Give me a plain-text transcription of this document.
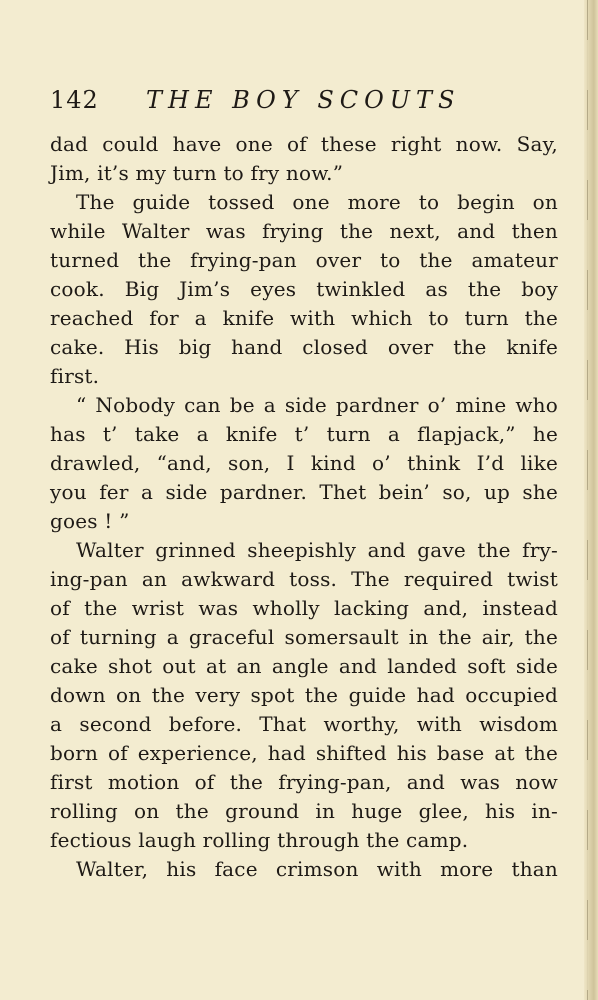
142 THE BOY SCOUTS
dad could have one of these right now. Say,
Jim, it’s my turn to fry now.”
The guide tossed one more to begin on
while Walter was frying the next, and then
turned the frying-pan over to the amateur
cook. Big Jim’s eyes twinkled as the boy
reached for a knife with which to turn the
cake. His big hand closed over the knife
first.
“ Nobody can be a side pardner o’ mine who
has t’ take a knife t’ turn a flapjack,” he
drawled, “and, son, I kind o’ think I’d like
you fer a side pardner. Thet bein’ so, up she
goes ! ”
Walter grinned sheepishly and gave the fry-
ing-pan an awkward toss. The required twist
of the wrist was wholly lacking and, instead
of turning a graceful somersault in the air, the
cake shot out at an angle and landed soft side
down on the very spot the guide had occupied
a second before. That worthy, with wisdom
born of experience, had shifted his base at the
first motion of the frying-pan, and was now
rolling on the ground in huge glee, his in-
fectious laugh rolling through the camp.
Walter, his face crimson with more than
